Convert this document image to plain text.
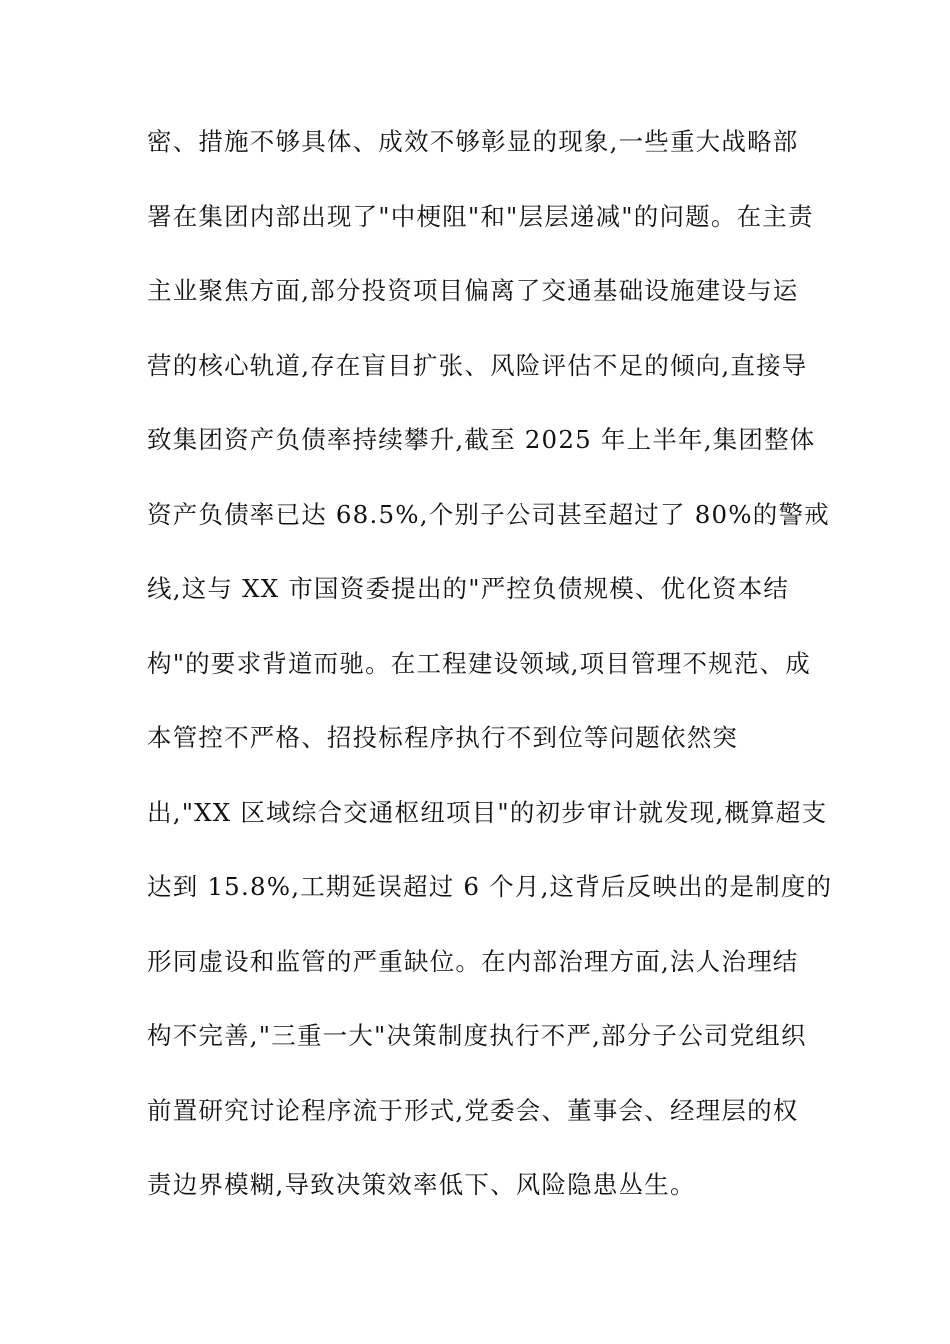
密、措施不够具体、成效不够彰显的现象,一些重大战略部
署在集团内部出现了"中梗阻"和"层层递减"的问题。在主责
主业聚焦方面,部分投资项目偏离了交通基础设施建设与运
营的核心轨道,存在盲目扩张、风险评估不足的倾向,直接导
致集团资产负债率持续攀升,截至 2025 年上半年,集团整体
资产负债率已达 68.5%,个别子公司甚至超过了 80%的警戒
线,这与 XX 市国资委提出的"严控负债规模、优化资本结
构"的要求背道而驰。在工程建设领域,项目管理不规范、成
本管控不严格、招投标程序执行不到位等问题依然突
出,"XX 区域综合交通枢纽项目"的初步审计就发现,概算超支
达到 15.8%,工期延误超过 6 个月,这背后反映出的是制度的
形同虚设和监管的严重缺位。在内部治理方面,法人治理结
构不完善,"三重一大"决策制度执行不严,部分子公司党组织
前置研究讨论程序流于形式,党委会、董事会、经理层的权
责边界模糊,导致决策效率低下、风险隐患丛生。
